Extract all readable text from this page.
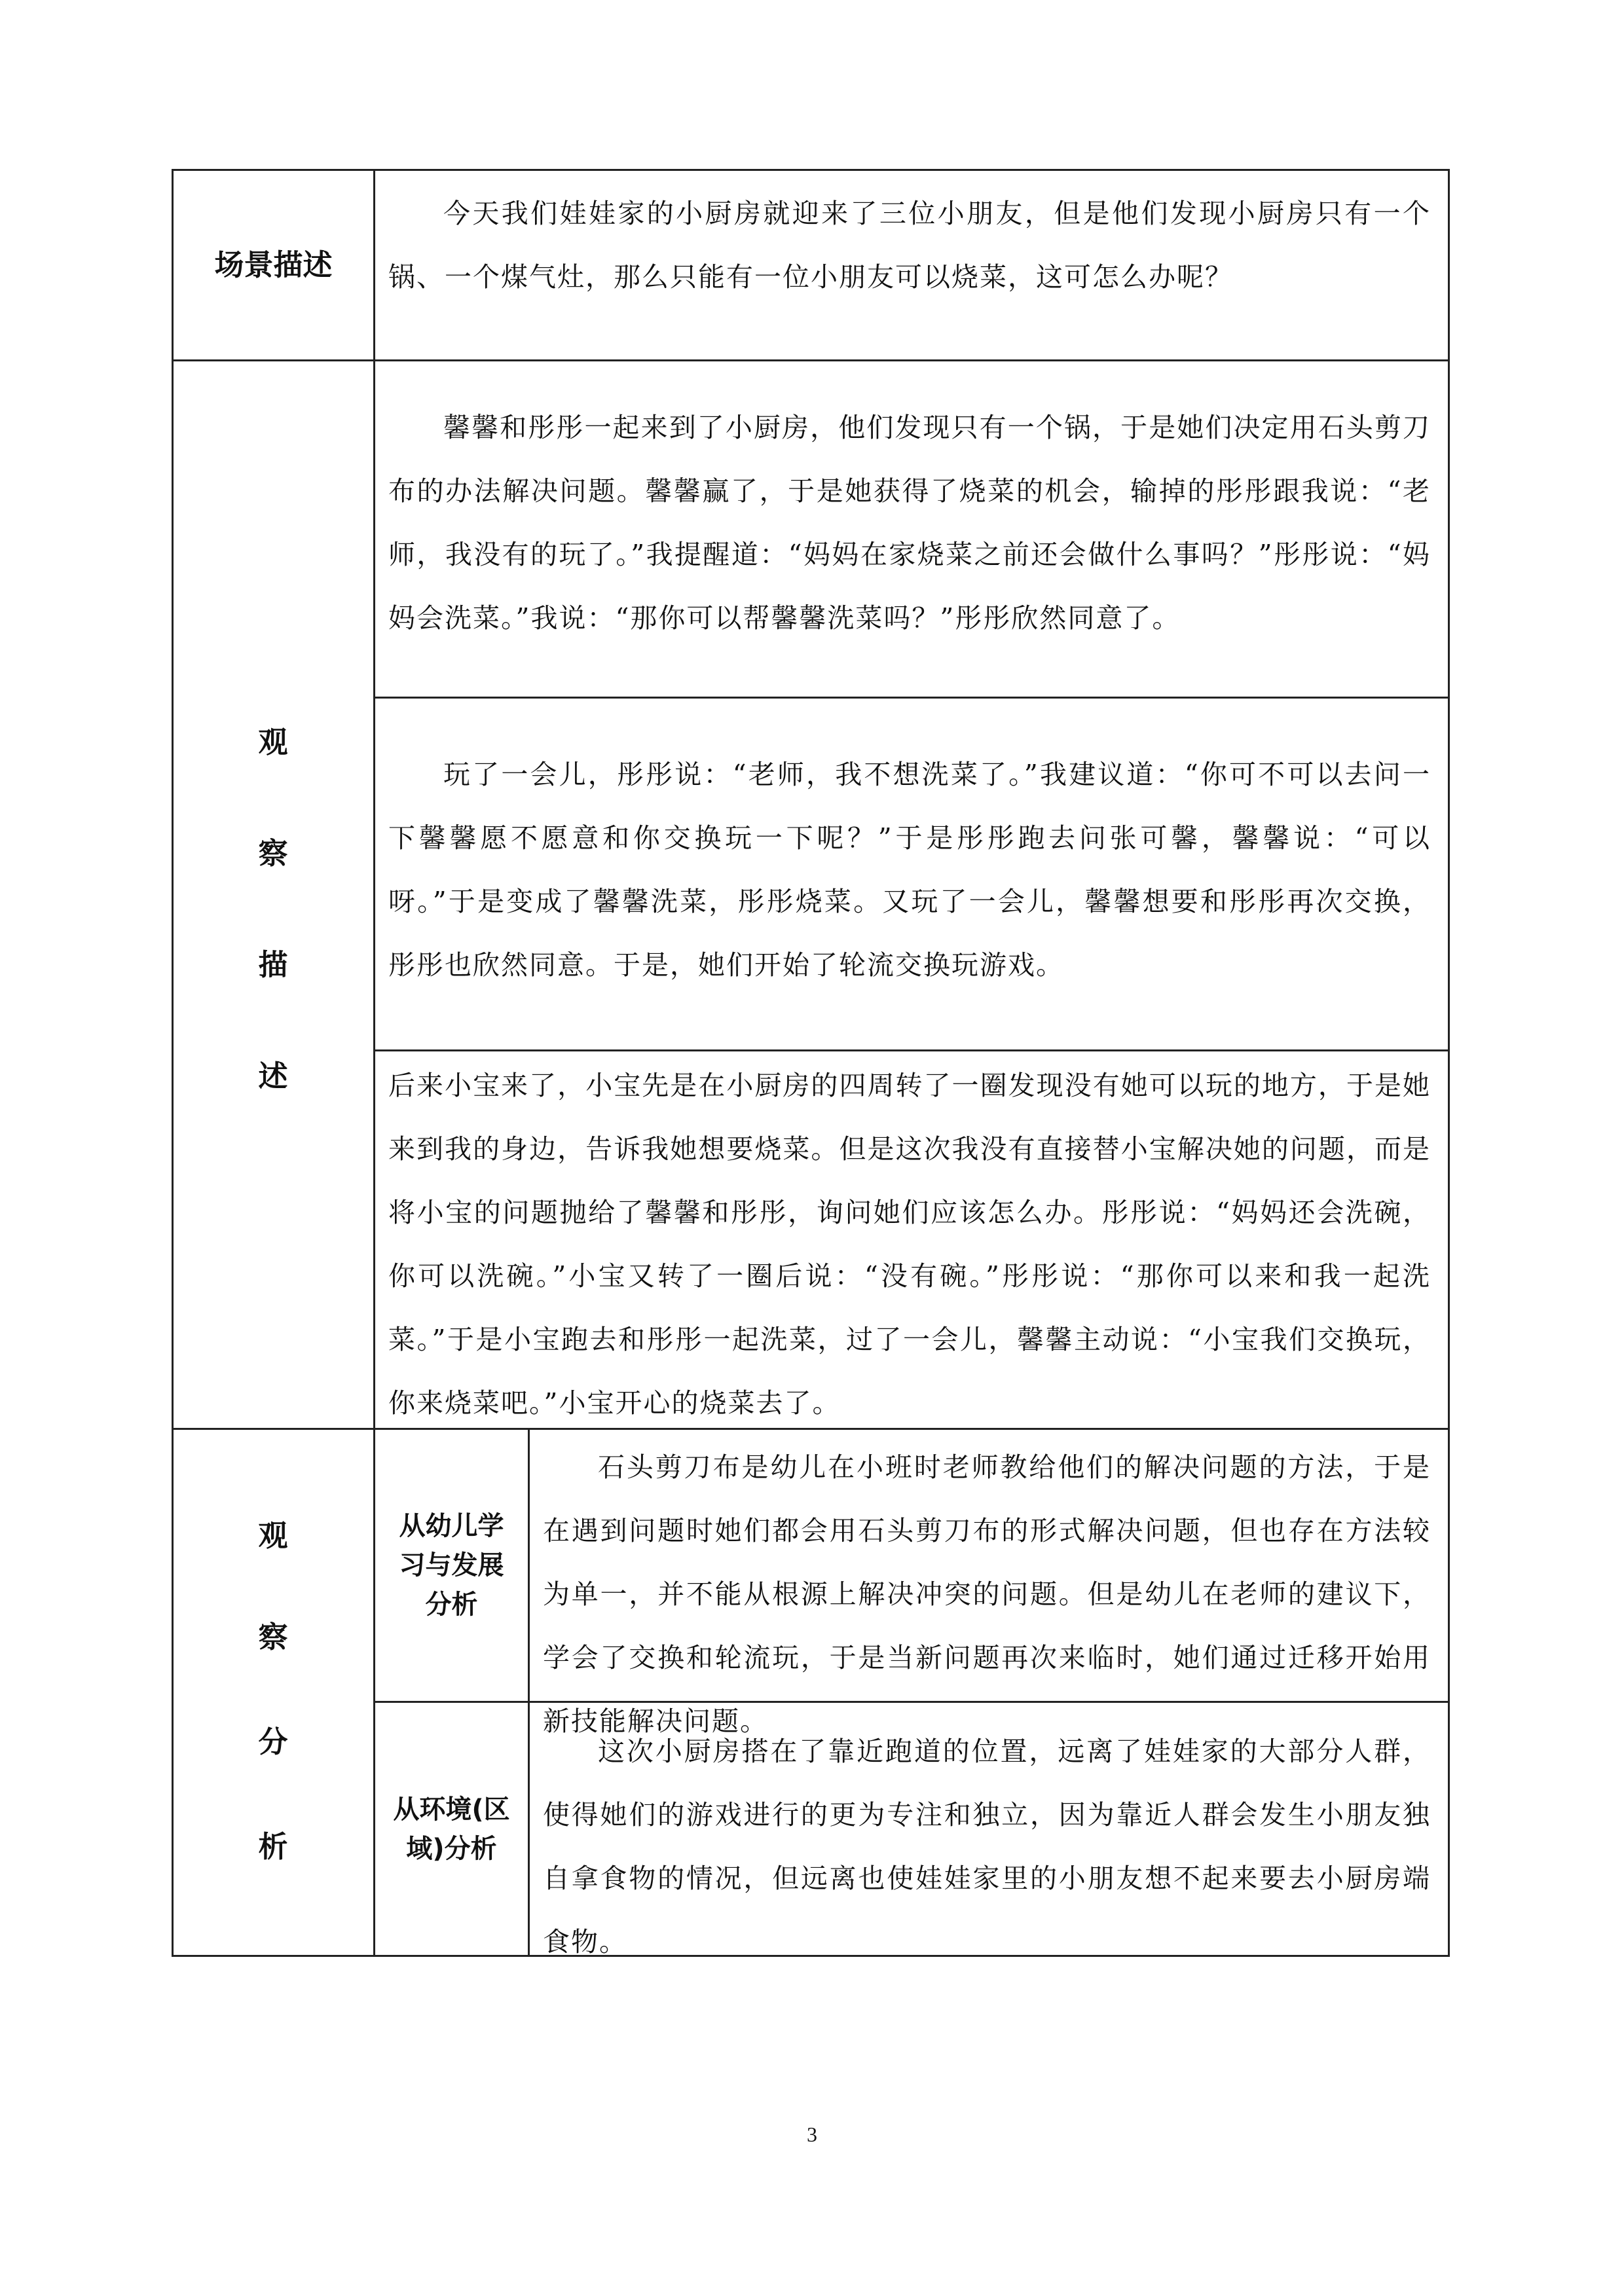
场景描述

今天我们娃娃家的小厨房就迎来了三位小朋友，但是他们发现小厨房只有一个锅、一个煤气灶，那么只能有一位小朋友可以烧菜，这可怎么办呢？

观
察
描
述

馨馨和彤彤一起来到了小厨房，他们发现只有一个锅，于是她们决定用石头剪刀布的办法解决问题。馨馨赢了，于是她获得了烧菜的机会，输掉的彤彤跟我说：“老师，我没有的玩了。”我提醒道：“妈妈在家烧菜之前还会做什么事吗？”彤彤说：“妈妈会洗菜。”我说：“那你可以帮馨馨洗菜吗？”彤彤欣然同意了。

玩了一会儿，彤彤说：“老师，我不想洗菜了。”我建议道：“你可不可以去问一下馨馨愿不愿意和你交换玩一下呢？”于是彤彤跑去问张可馨，馨馨说：“可以呀。”于是变成了馨馨洗菜，彤彤烧菜。又玩了一会儿，馨馨想要和彤彤再次交换，彤彤也欣然同意。于是，她们开始了轮流交换玩游戏。

后来小宝来了，小宝先是在小厨房的四周转了一圈发现没有她可以玩的地方，于是她来到我的身边，告诉我她想要烧菜。但是这次我没有直接替小宝解决她的问题，而是将小宝的问题抛给了馨馨和彤彤，询问她们应该怎么办。彤彤说：“妈妈还会洗碗，你可以洗碗。”小宝又转了一圈后说：“没有碗。”彤彤说：“那你可以来和我一起洗菜。”于是小宝跑去和彤彤一起洗菜，过了一会儿，馨馨主动说：“小宝我们交换玩，你来烧菜吧。”小宝开心的烧菜去了。

观
察
分
析

从幼儿学

习与发展

分析

石头剪刀布是幼儿在小班时老师教给他们的解决问题的方法，于是在遇到问题时她们都会用石头剪刀布的形式解决问题，但也存在方法较为单一，并不能从根源上解决冲突的问题。但是幼儿在老师的建议下，学会了交换和轮流玩，于是当新问题再次来临时，她们通过迁移开始用新技能解决问题。

从环境(区

域)分析

这次小厨房搭在了靠近跑道的位置，远离了娃娃家的大部分人群，使得她们的游戏进行的更为专注和独立，因为靠近人群会发生小朋友独自拿食物的情况，但远离也使娃娃家里的小朋友想不起来要去小厨房端食物。

3
